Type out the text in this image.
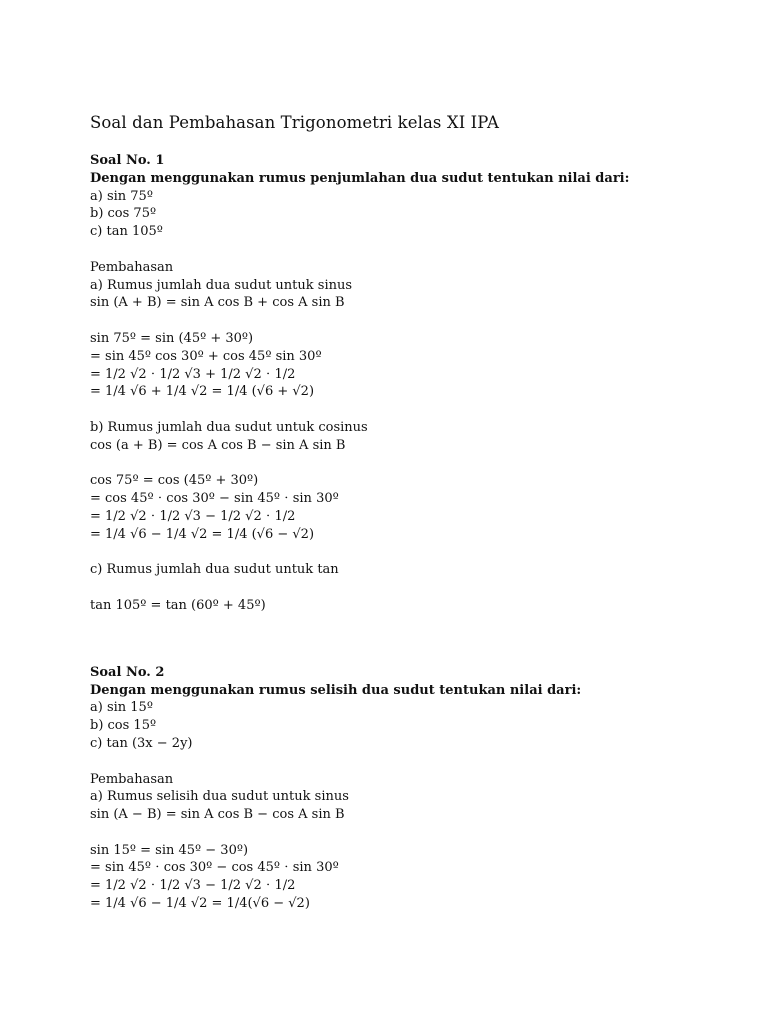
Soal dan Pembahasan Trigonometri kelas XI IPA
Soal No. 1
Dengan menggunakan rumus penjumlahan dua sudut tentukan nilai dari:
a) sin 75º
b) cos 75º
c) tan 105º
Pembahasan
a) Rumus jumlah dua sudut untuk sinus
sin (A + B) = sin A cos B + cos A sin B
sin 75º = sin (45º + 30º)
= sin 45º cos 30º + cos 45º sin 30º
= 1/2 √2 ⋅ 1/2 √3 + 1/2 √2 ⋅ 1/2
= 1/4 √6 + 1/4 √2 = 1/4 (√6 + √2)
b) Rumus jumlah dua sudut untuk cosinus
cos (a + B) = cos A cos B − sin A sin B
cos 75º = cos (45º + 30º)
= cos 45º ⋅ cos 30º − sin 45º ⋅ sin 30º
= 1/2 √2 ⋅ 1/2 √3 − 1/2 √2 ⋅ 1/2
= 1/4 √6 − 1/4 √2 = 1/4 (√6 − √2)
c) Rumus jumlah dua sudut untuk tan
tan 105º = tan (60º + 45º)
Soal No. 2
Dengan menggunakan rumus selisih dua sudut tentukan nilai dari:
a) sin 15º
b) cos 15º
c) tan (3x − 2y)
Pembahasan
a) Rumus selisih dua sudut untuk sinus
sin (A − B) = sin A cos B − cos A sin B
sin 15º = sin 45º − 30º)
= sin 45º ⋅ cos 30º − cos 45º ⋅ sin 30º
= 1/2 √2 ⋅ 1/2 √3 − 1/2 √2 ⋅ 1/2
= 1/4 √6 − 1/4 √2 = 1/4(√6 − √2)
